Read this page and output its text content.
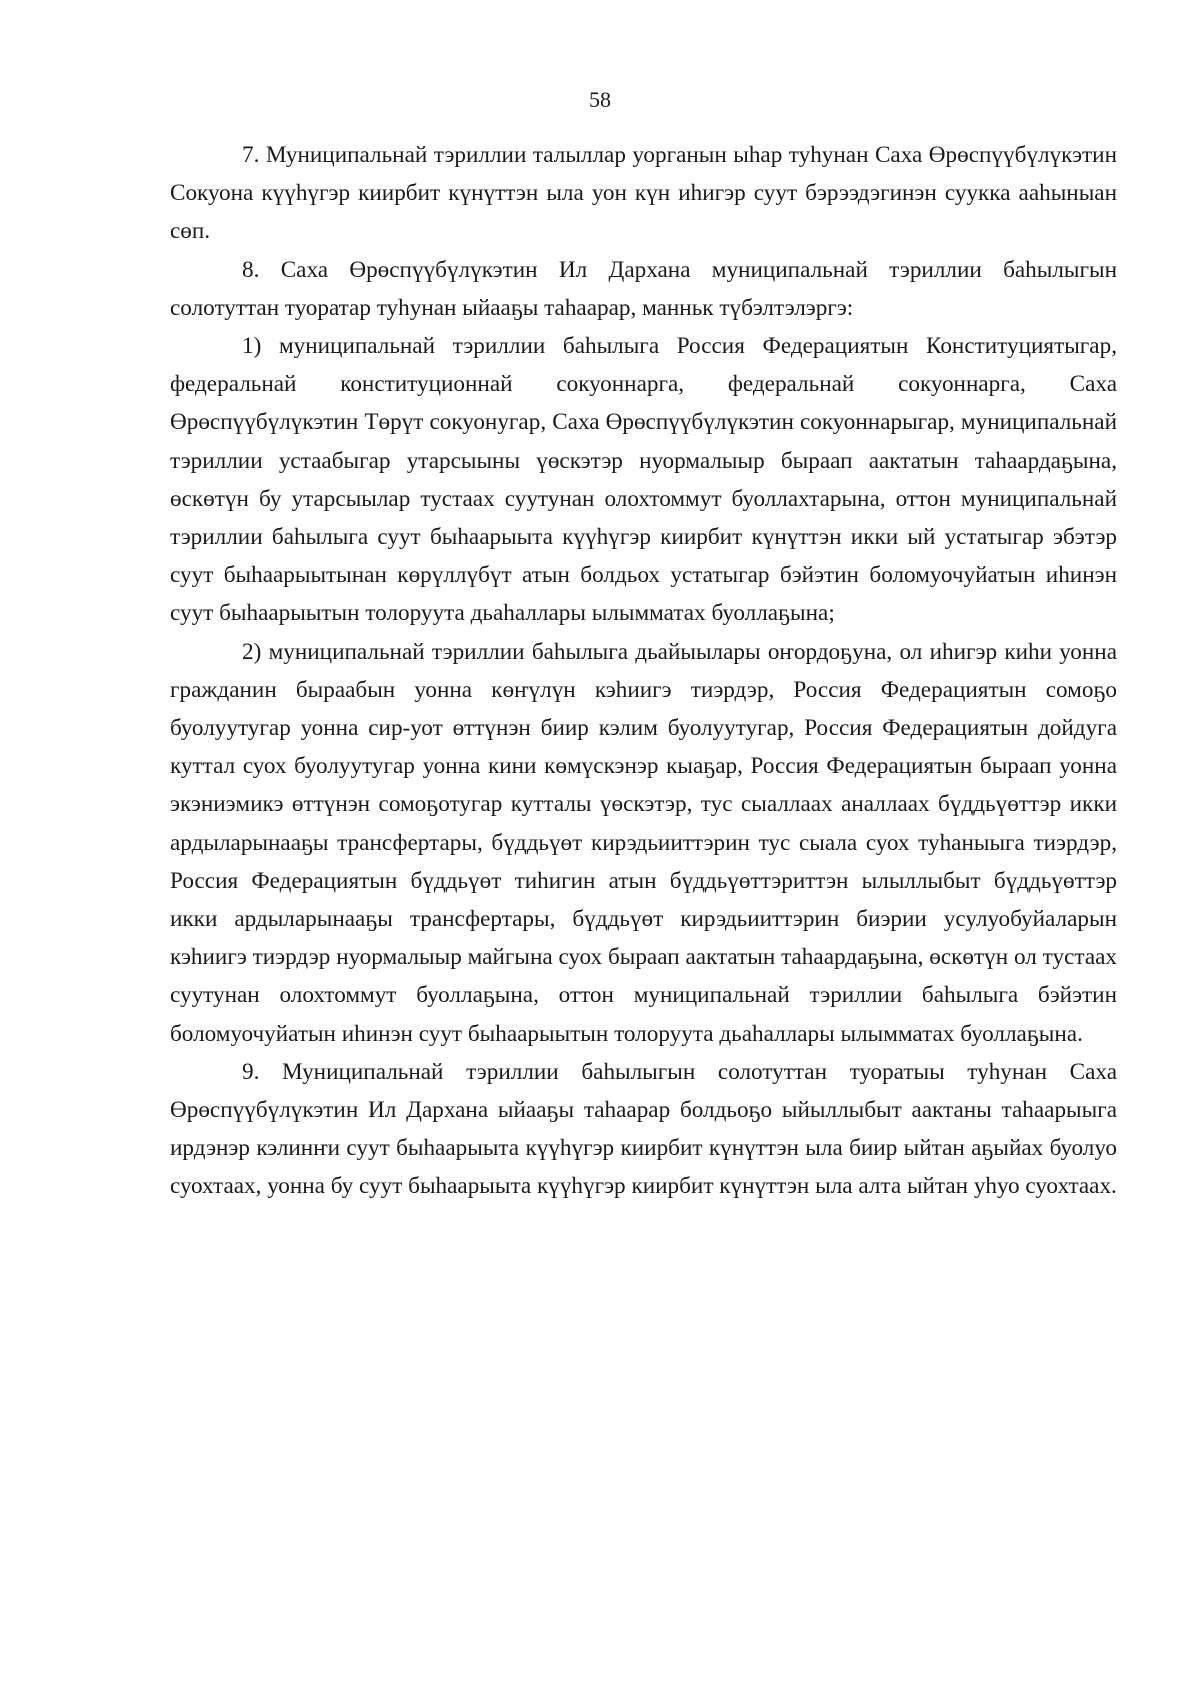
58

7. Муниципальнай тэриллии талыллар уорганын ыhар туhунан Саха Өрөспүүбүлүкэтин Сокуона күүhүгэр киирбит күнүттэн ыла уон күн иhигэр суут бэрээдэгинэн суукка ааhыныан сөп.

8. Саха Өрөспүүбүлүкэтин Ил Дархана муниципальнай тэриллии баhылыгын солотуттан туоратар туhунан ыйааҕы таhаарар, манньк түбэлтэлэргэ:

1) муниципальнай тэриллии баhылыга Россия Федерациятын Конституциятыгар, федеральнай конституционнай сокуоннарга, федеральнай сокуоннарга, Саха Өрөспүүбүлүкэтин Төрүт сокуонугар, Саха Өрөспүүбүлүкэтин сокуоннарыгар, муниципальнай тэриллии устаабыгар утарсыыны үөскэтэр нуормалыыр быраап аактатын таhаардаҕына, өскөтүн бу утарсыылар тустаах суутунан олохтоммут буоллахтарына, оттон муниципальнай тэриллии баhылыга суут быhаарыыта күүhүгэр киирбит күнүттэн икки ый устатыгар эбэтэр суут быhаарыытынан көрүллүбүт атын болдьох устатыгар бэйэтин боломуочуйатын иhинэн суут быhаарыытын толоруута дьаhаллары ылымматах буоллаҕына;

2) муниципальнай тэриллии баhылыга дьайыылары оҥордоҕуна, ол иhигэр киhи уонна гражданин быраабын уонна көҥүлүн кэhиигэ тиэрдэр, Россия Федерациятын сомоҕо буолуутугар уонна сир-уот өттүнэн биир кэлим буолуутугар, Россия Федерациятын дойдуга куттал суох буолуутугар уонна кини көмүскэнэр кыаҕар, Россия Федерациятын быраап уонна экэниэмикэ өттүнэн сомоҕотугар кутталы үөскэтэр, тус сыаллаах аналлаах бүддьүөттэр икки ардыларынааҕы трансфертары, бүддьүөт кирэдьииттэрин тус сыала суох туhаныыга тиэрдэр, Россия Федерациятын бүддьүөт тиhигин атын бүддьүөттэриттэн ылыллыбыт бүддьүөттэр икки ардыларынааҕы трансфертары, бүддьүөт кирэдьииттэрин биэрии усулуобуйаларын кэhиигэ тиэрдэр нуормалыыр майгына суох быраап аактатын таhаардаҕына, өскөтүн ол тустаах суутунан олохтоммут буоллаҕына, оттон муниципальнай тэриллии баhылыга бэйэтин боломуочуйатын иhинэн суут быhаарыытын толоруута дьаhаллары ылымматах буоллаҕына.

9. Муниципальнай тэриллии баhылыгын солотуттан туоратыы туhунан Саха Өрөспүүбүлүкэтин Ил Дархана ыйааҕы таhаарар болдьоҕо ыйыллыбыт аактаны таhаарыыга ирдэнэр кэлинҥи суут быhаарыыта күүhүгэр киирбит күнүттэн ыла биир ыйтан аҕыйах буолуо суохтаах, уонна бу суут быhаарыыта күүhүгэр киирбит күнүттэн ыла алта ыйтан уhуо суохтаах.
